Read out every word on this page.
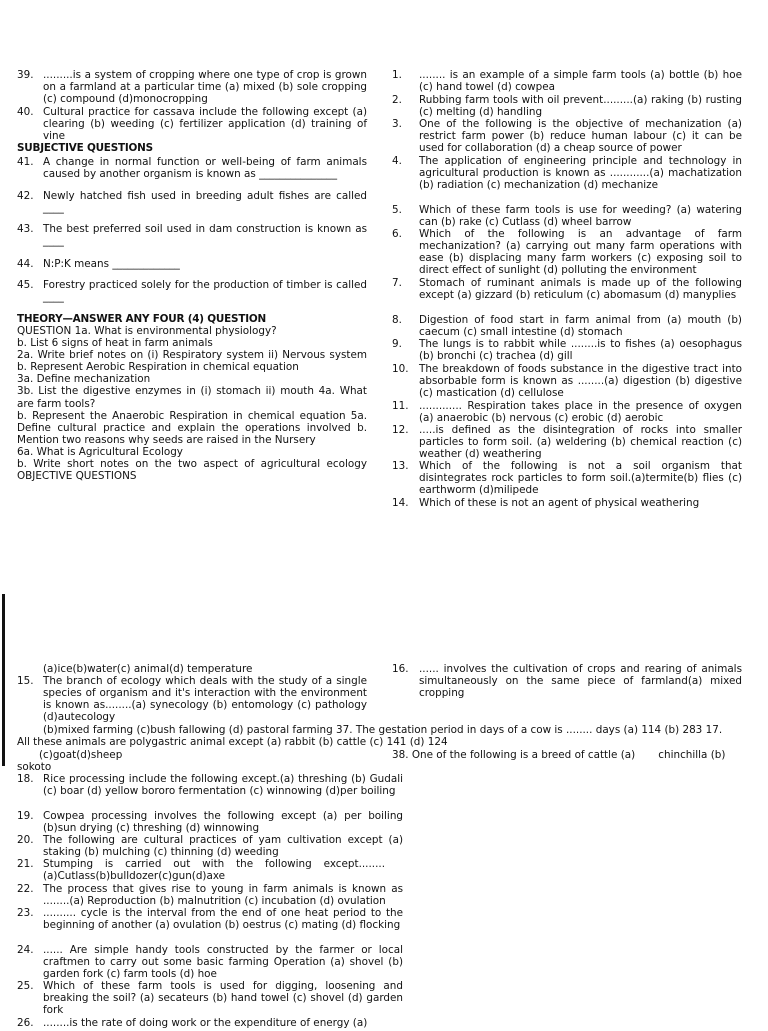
39. .........is a system of cropping where one type of crop is grown on a farmland at a particular time (a) mixed (b) sole cropping (c) compound (d)monocropping
40. Cultural practice for cassava include the following except (a) clearing (b) weeding (c) fertilizer application (d) training of vine
SUBJECTIVE QUESTIONS
41. A change in normal function or well-being of farm animals caused by another organism is known as _______________
42. Newly hatched fish used in breeding adult fishes are called ____
43. The best preferred soil used in dam construction is known as ____
44. N:P:K means _____________
45. Forestry practiced solely for the production of timber is called ____
THEORY—ANSWER ANY FOUR (4) QUESTION
QUESTION 1a. What is environmental physiology?
b. List 6 signs of heat in farm animals
2a. Write brief notes on (i) Respiratory system ii) Nervous system b. Represent Aerobic Respiration in chemical equation
3a. Define mechanization
3b. List the digestive enzymes in (i) stomach ii) mouth 4a. What are farm tools?
b. Represent the Anaerobic Respiration in chemical equation 5a. Define cultural practice and explain the operations involved b. Mention two reasons why seeds are raised in the Nursery
6a. What is Agricultural Ecology
b. Write short notes on the two aspect of agricultural ecology OBJECTIVE QUESTIONS
1. ........ is an example of a simple farm tools (a) bottle (b) hoe (c) hand towel (d) cowpea
2. Rubbing farm tools with oil prevent.........(a) raking (b) rusting (c) melting (d) handling
3. One of the following is the objective of mechanization (a) restrict farm power (b) reduce human labour (c) it can be used for collaboration (d) a cheap source of power
4. The application of engineering principle and technology in agricultural production is known as ............(a) machatization (b) radiation (c) mechanization (d) mechanize
5. Which of these farm tools is use for weeding? (a) watering can (b) rake (c) Cutlass (d) wheel barrow
6. Which of the following is an advantage of farm mechanization? (a) carrying out many farm operations with ease (b) displacing many farm workers (c) exposing soil to direct effect of sunlight (d) polluting the environment
7. Stomach of ruminant animals is made up of the following except (a) gizzard (b) reticulum (c) abomasum (d) manyplies
8. Digestion of food start in farm animal from (a) mouth (b) caecum (c) small intestine (d) stomach
9. The lungs is to rabbit while ........is to fishes (a) oesophagus (b) bronchi (c) trachea (d) gill
10. The breakdown of foods substance in the digestive tract into absorbable form is known as ........(a) digestion (b) digestive (c) mastication (d) cellulose
11. ............. Respiration takes place in the presence of oxygen (a) anaerobic (b) nervous (c) erobic (d) aerobic
12. .....is defined as the disintegration of rocks into smaller particles to form soil. (a) weldering (b) chemical reaction (c) weather (d) weathering
13. Which of the following is not a soil organism that disintegrates rock particles to form soil.(a)termite(b) flies (c) earthworm (d)milipede
14. Which of these is not an agent of physical weathering
(a)ice(b)water(c) animal(d) temperature	16. ...... involves the cultivation of crops and rearing of animals simultaneously on the same piece of farmland(a) mixed cropping
15. The branch of ecology which deals with the study of a single species of organism and it's interaction with the environment is known as........(a) synecology (b) entomology (c) pathology (d)autecology
(b)mixed farming (c)bush fallowing (d) pastoral farming 37. The gestation period in days of a cow is ........ days (a) 114 (b) 283 17.
All these animals are polygastric animal except (a) rabbit (b) cattle (c) 141 (d) 124
(c)goat(d)sheep	38. One of the following is a breed of cattle (a)       chinchilla (b)
sokoto
18. Rice processing include the following except.(a) threshing (b) Gudali (c) boar (d) yellow bororo fermentation (c) winnowing (d)per boiling
19. Cowpea processing involves the following except (a) per boiling (b)sun drying (c) threshing (d) winnowing
20. The following are cultural practices of yam cultivation except (a) staking (b) mulching (c) thinning (d) weeding
21. Stumping is carried out with the following except........(a)Cutlass(b)bulldozer(c)gun(d)axe
22. The process that gives rise to young in farm animals is known as ........(a) Reproduction (b) malnutrition (c) incubation (d) ovulation
23. .......... cycle is the interval from the end of one heat period to the beginning of another (a) ovulation (b) oestrus (c) mating (d) flocking
24. ...... Are simple handy tools constructed by the farmer or local craftmen to carry out some basic farming Operation (a) shovel (b) garden fork (c) farm tools (d) hoe
25. Which of these farm tools is used for digging, loosening and breaking the soil? (a) secateurs (b) hand towel (c) shovel (d) garden fork
26. ........is the rate of doing work or the expenditure of energy (a)
